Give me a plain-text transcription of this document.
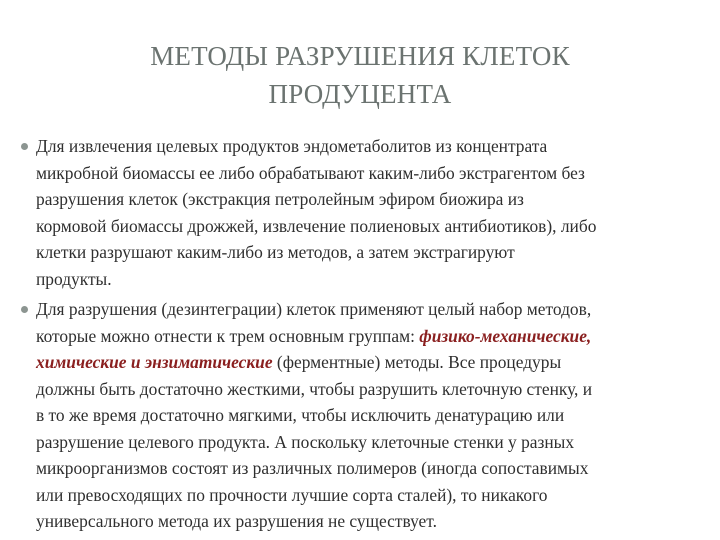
МЕТОДЫ РАЗРУШЕНИЯ КЛЕТОК
ПРОДУЦЕНТА
Для извлечения целевых продуктов эндометаболитов из концентрата
микробной биомассы ее либо обрабатывают каким-либо экстрагентом без
разрушения клеток (экстракция петролейным эфиром биожира из
кормовой биомассы дрожжей, извлечение полиеновых антибиотиков), либо
клетки разрушают каким-либо из методов, а затем экстрагируют
продукты.
Для разрушения (дезинтеграции) клеток применяют целый набор методов,
которые можно отнести к трем основным группам: физико-механические,
химические и энзиматические (ферментные) методы. Все процедуры
должны быть достаточно жесткими, чтобы разрушить клеточную стенку, и
в то же время достаточно мягкими, чтобы исключить денатурацию или
разрушение целевого продукта. А поскольку клеточные стенки у разных
микроорганизмов состоят из различных полимеров (иногда сопоставимых
или превосходящих по прочности лучшие сорта сталей), то никакого
универсального метода их разрушения не существует.
